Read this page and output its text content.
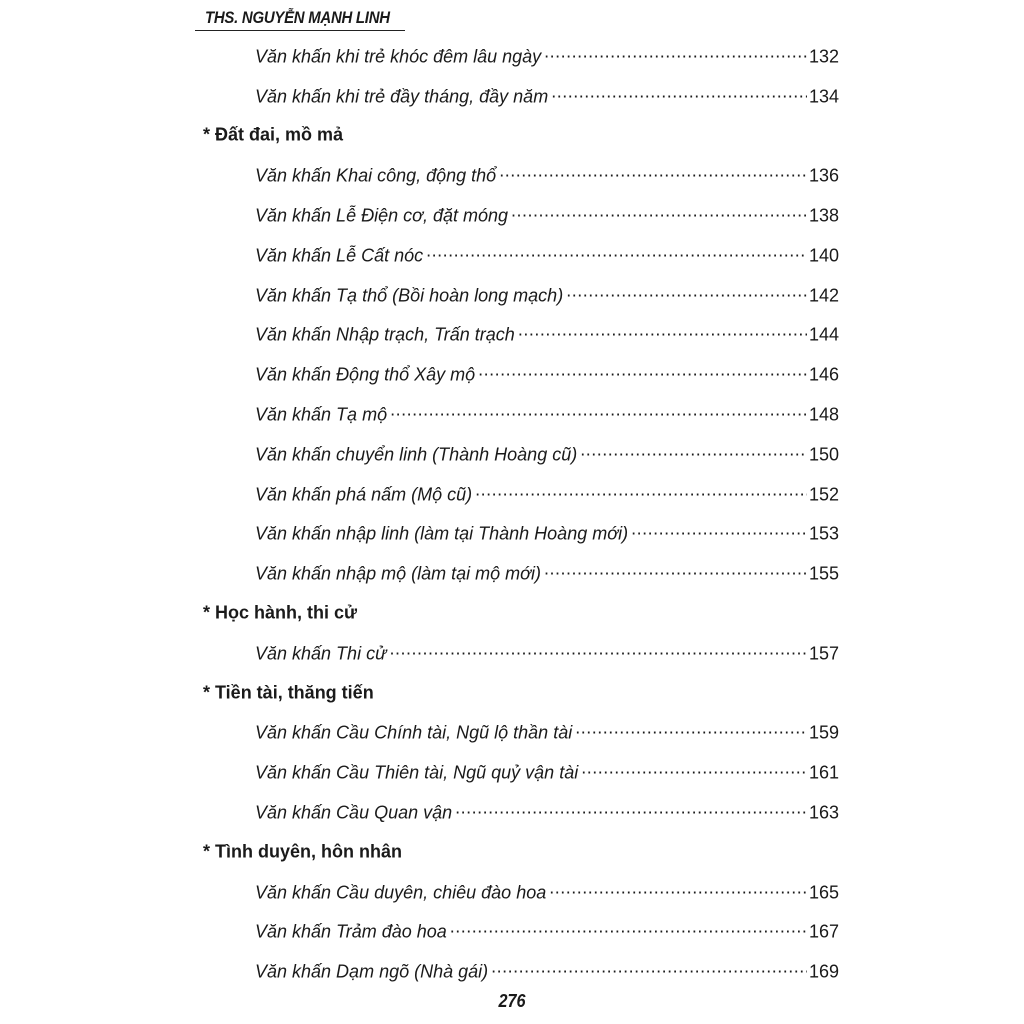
THS. NGUYỄN MẠNH LINH
Văn khấn khi trẻ khóc đêm lâu ngày .....	132
Văn khấn khi trẻ đầy tháng, đầy năm .....	134
* Đất đai, mồ mả
Văn khấn Khai công, động thổ .....	136
Văn khấn Lễ Điện cơ, đặt móng .....	138
Văn khấn Lễ Cất nóc .....	140
Văn khấn Tạ thổ (Bồi hoàn long mạch) .....	142
Văn khấn Nhập trạch, Trấn trạch .....	144
Văn khấn Động thổ Xây mộ .....	146
Văn khấn Tạ mộ .....	148
Văn khấn chuyển linh (Thành Hoàng cũ) .....	150
Văn khấn phá nấm (Mộ cũ) .....	152
Văn khấn nhập linh (làm tại Thành Hoàng mới) .....	153
Văn khấn nhập mộ (làm tại mộ mới) .....	155
* Học hành, thi cử
Văn khấn Thi cử .....	157
* Tiền tài, thăng tiến
Văn khấn Cầu Chính tài, Ngũ lộ thần tài .....	159
Văn khấn Cầu Thiên tài, Ngũ quỷ vận tài .....	161
Văn khấn Cầu Quan vận .....	163
* Tình duyên, hôn nhân
Văn khấn Cầu duyên, chiêu đào hoa .....	165
Văn khấn Trảm đào hoa .....	167
Văn khấn Dạm ngõ (Nhà gái) .....	169
276
